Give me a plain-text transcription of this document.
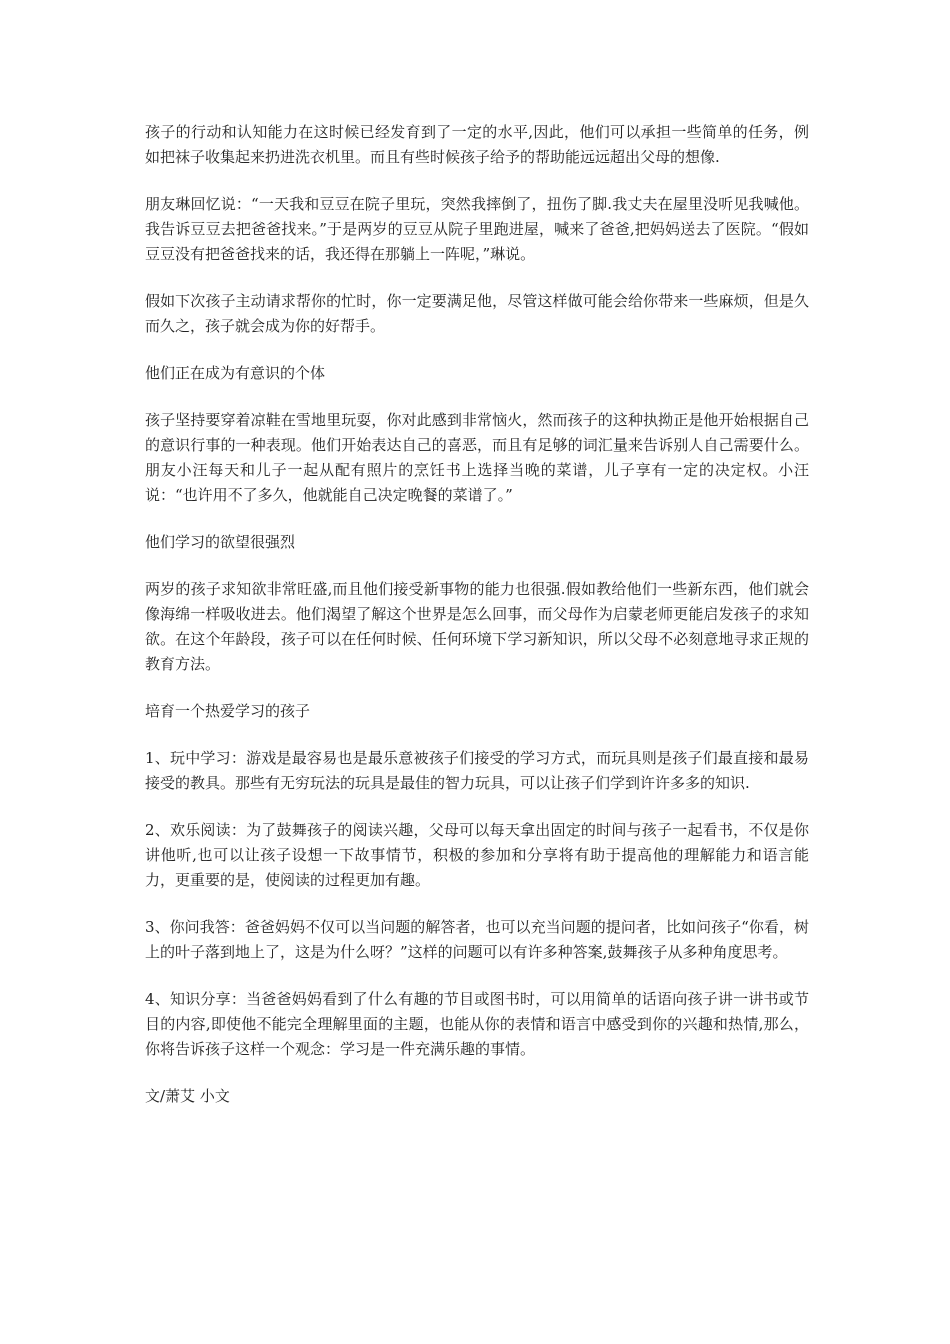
孩子的行动和认知能力在这时候已经发育到了一定的水平,因此，他们可以承担一些简单的任务，例如把袜子收集起来扔进洗衣机里。而且有些时候孩子给予的帮助能远远超出父母的想像.

朋友琳回忆说：“一天我和豆豆在院子里玩，突然我摔倒了，扭伤了脚.我丈夫在屋里没听见我喊他。我告诉豆豆去把爸爸找来。”于是两岁的豆豆从院子里跑进屋，喊来了爸爸,把妈妈送去了医院。“假如豆豆没有把爸爸找来的话，我还得在那躺上一阵呢，”琳说。

假如下次孩子主动请求帮你的忙时，你一定要满足他，尽管这样做可能会给你带来一些麻烦，但是久而久之，孩子就会成为你的好帮手。

他们正在成为有意识的个体

孩子坚持要穿着凉鞋在雪地里玩耍，你对此感到非常恼火，然而孩子的这种执拗正是他开始根据自己的意识行事的一种表现。他们开始表达自己的喜恶，而且有足够的词汇量来告诉别人自己需要什么。朋友小汪每天和儿子一起从配有照片的烹饪书上选择当晚的菜谱，儿子享有一定的决定权。小汪说：“也许用不了多久，他就能自己决定晚餐的菜谱了。”

他们学习的欲望很强烈

两岁的孩子求知欲非常旺盛,而且他们接受新事物的能力也很强.假如教给他们一些新东西，他们就会像海绵一样吸收进去。他们渴望了解这个世界是怎么回事，而父母作为启蒙老师更能启发孩子的求知欲。在这个年龄段，孩子可以在任何时候、任何环境下学习新知识，所以父母不必刻意地寻求正规的教育方法。

培育一个热爱学习的孩子

1、玩中学习：游戏是最容易也是最乐意被孩子们接受的学习方式，而玩具则是孩子们最直接和最易接受的教具。那些有无穷玩法的玩具是最佳的智力玩具，可以让孩子们学到许许多多的知识.

2、欢乐阅读：为了鼓舞孩子的阅读兴趣，父母可以每天拿出固定的时间与孩子一起看书，不仅是你讲他听,也可以让孩子设想一下故事情节，积极的参加和分享将有助于提高他的理解能力和语言能力，更重要的是，使阅读的过程更加有趣。

3、你问我答：爸爸妈妈不仅可以当问题的解答者，也可以充当问题的提问者，比如问孩子“你看，树上的叶子落到地上了，这是为什么呀？”这样的问题可以有许多种答案,鼓舞孩子从多种角度思考。

4、知识分享：当爸爸妈妈看到了什么有趣的节目或图书时，可以用简单的话语向孩子讲一讲书或节目的内容,即使他不能完全理解里面的主题，也能从你的表情和语言中感受到你的兴趣和热情,那么，你将告诉孩子这样一个观念：学习是一件充满乐趣的事情。

文/萧艾 小文
